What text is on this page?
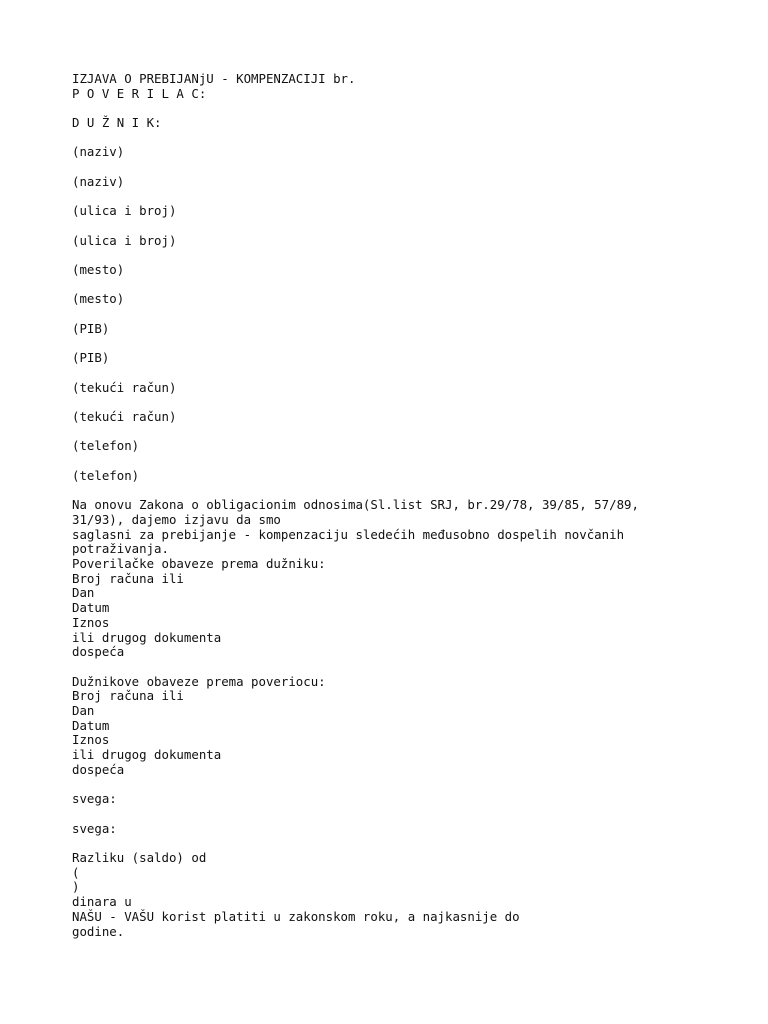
IZJAVA O PREBIJANjU - KOMPENZACIJI br.
P O V E R I L A C:
D U Ž N I K:
(naziv)
(naziv)
(ulica i broj)
(ulica i broj)
(mesto)
(mesto)
(PIB)
(PIB)
(tekući račun)
(tekući račun)
(telefon)
(telefon)
Na onovu Zakona o obligacionim odnosima(Sl.list SRJ, br.29/78, 39/85, 57/89,
31/93), dajemo izjavu da smo
saglasni za prebijanje - kompenzaciju sledećih međusobno dospelih novčanih
potraživanja.
Poverilačke obaveze prema dužniku:
Broj računa ili
Dan
Datum
Iznos
ili drugog dokumenta
dospeća
Dužnikove obaveze prema poveriocu:
Broj računa ili
Dan
Datum
Iznos
ili drugog dokumenta
dospeća
svega:
svega:
Razliku (saldo) od
(
)
dinara u
NAŠU - VAŠU korist platiti u zakonskom roku, a najkasnije do
godine.
